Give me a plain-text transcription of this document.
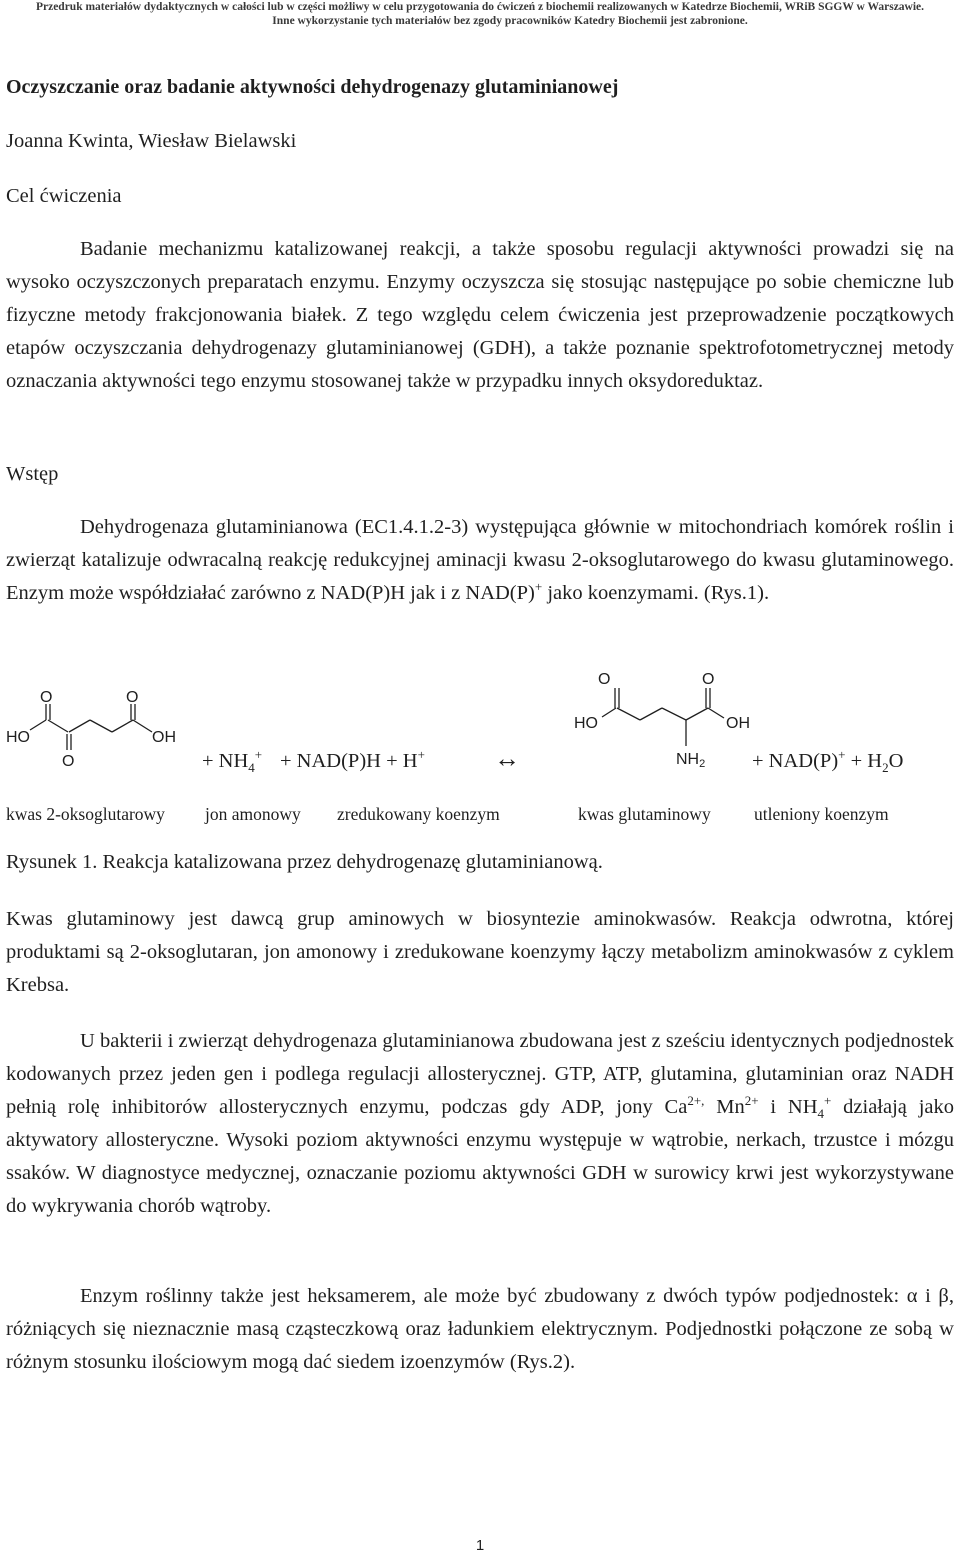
Przedruk materiałów dydaktycznych w całości lub w części możliwy w celu przygotowania do ćwiczeń z biochemii realizowanych w Katedrze Biochemii, WRiB SGGW w Warszawie.
Inne wykorzystanie tych materiałów bez zgody pracowników Katedry Biochemii jest zabronione.
Oczyszczanie oraz badanie aktywności dehydrogenazy glutaminianowej
Joanna Kwinta, Wiesław Bielawski
Cel ćwiczenia
Badanie mechanizmu katalizowanej reakcji, a także sposobu regulacji aktywności prowadzi się na wysoko oczyszczonych preparatach enzymu. Enzymy oczyszcza się stosując następujące po sobie chemiczne lub fizyczne metody frakcjonowania białek. Z tego względu celem ćwiczenia jest przeprowadzenie początkowych etapów oczyszczania dehydrogenazy glutaminianowej (GDH), a także poznanie spektrofotometrycznej metody oznaczania aktywności tego enzymu stosowanej także w przypadku innych oksydoreduktaz.
Wstęp
Dehydrogenaza glutaminianowa (EC1.4.1.2-3) występująca głównie w mitochondriach komórek roślin i zwierząt katalizuje odwracalną reakcję redukcyjnej aminacji kwasu 2-oksoglutarowego do kwasu glutaminowego. Enzym może współdziałać zarówno z NAD(P)H jak i z NAD(P)+ jako koenzymami. (Rys.1).
O	O
HO	OH
O
O	O
HO	OH
NH2
+ $NH_4^+ + NAD(P)H + H^+$	↔	+ $NAD(P)^+ + H_2O$
kwas 2-oksoglutarowy jon amonowy zredukowany koenzym	kwas glutaminowy utleniony koenzym
Rysunek 1. Reakcja katalizowana przez dehydrogenazę glutaminianową.
Kwas glutaminowy jest dawcą grup aminowych w biosyntezie aminokwasów. Reakcja odwrotna, której produktami są 2-oksoglutaran, jon amonowy i zredukowane koenzymy łączy metabolizm aminokwasów z cyklem Krebsa.
U bakterii i zwierząt dehydrogenaza glutaminianowa zbudowana jest z sześciu identycznych podjednostek kodowanych przez jeden gen i podlega regulacji allosterycznej. GTP, ATP, glutamina, glutaminian oraz NADH pełnią rolę inhibitorów allosterycznych enzymu, podczas gdy ADP, jony $Ca^{2+,}$ $Mn^{2+}$ i $NH_4^+$ działają jako aktywatory allosteryczne. Wysoki poziom aktywności enzymu występuje w wątrobie, nerkach, trzustce i mózgu ssaków. W diagnostyce medycznej, oznaczanie poziomu aktywności GDH w surowicy krwi jest wykorzystywane do wykrywania chorób wątroby.
Enzym roślinny także jest heksamerem, ale może być zbudowany z dwóch typów podjednostek: α i β, różniących się nieznacznie masą cząsteczkową oraz ładunkiem elektrycznym. Podjednostki połączone ze sobą w różnym stosunku ilościowym mogą dać siedem izoenzymów (Rys.2).
1
